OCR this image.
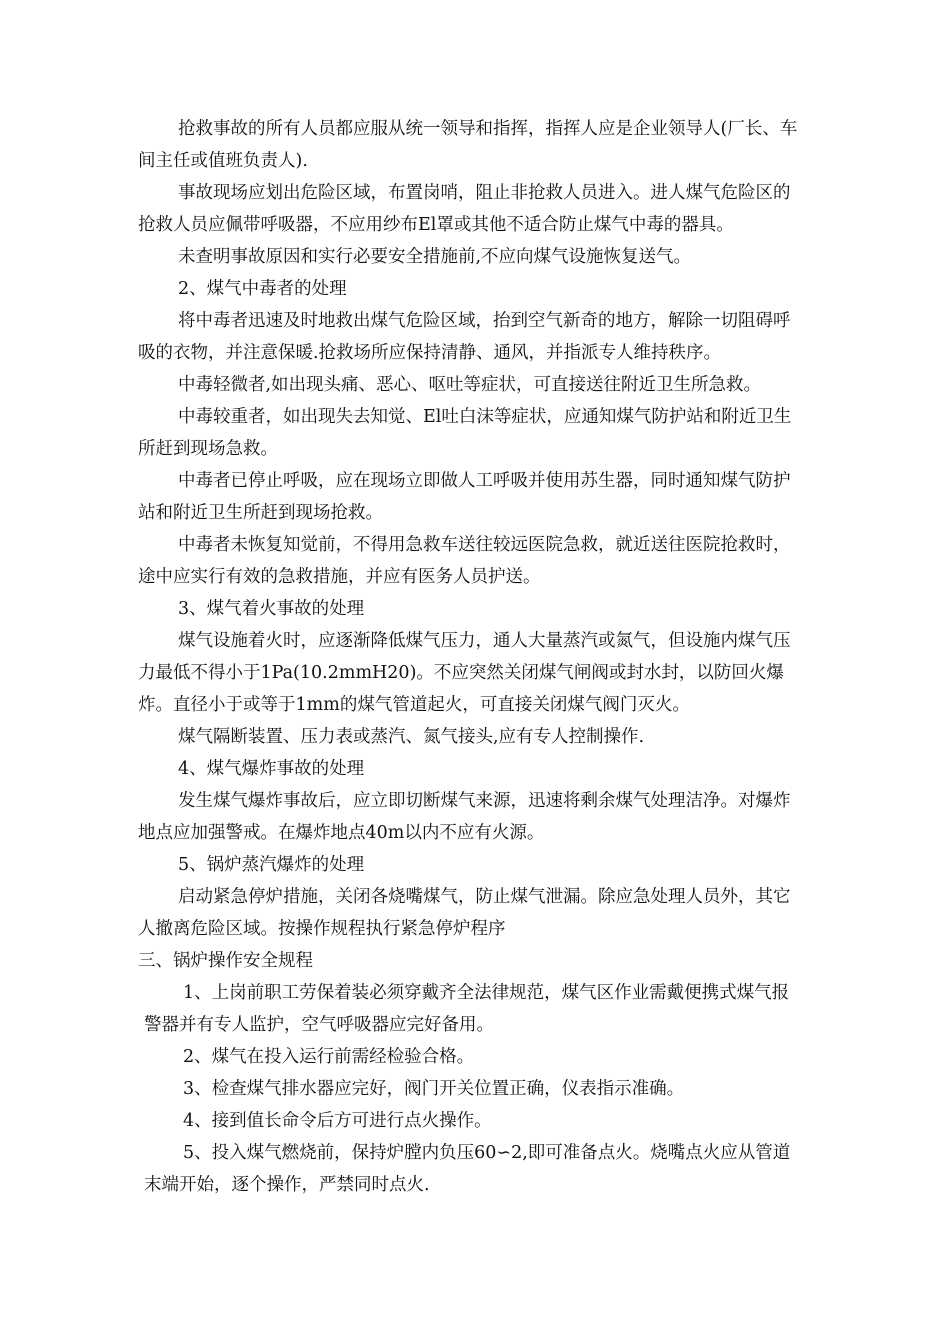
抢救事故的所有人员都应服从统一领导和指挥，指挥人应是企业领导人(厂长、车
间主任或值班负责人).
事故现场应划出危险区域，布置岗哨，阻止非抢救人员进入。进人煤气危险区的
抢救人员应佩带呼吸器，不应用纱布El罩或其他不适合防止煤气中毒的器具。
未查明事故原因和实行必要安全措施前,不应向煤气设施恢复送气。
2、煤气中毒者的处理
将中毒者迅速及时地救出煤气危险区域，抬到空气新奇的地方，解除一切阻碍呼
吸的衣物，并注意保暖.抢救场所应保持清静、通风，并指派专人维持秩序。
中毒轻微者,如出现头痛、恶心、呕吐等症状，可直接送往附近卫生所急救。
中毒较重者，如出现失去知觉、El吐白沫等症状，应通知煤气防护站和附近卫生
所赶到现场急救。
中毒者已停止呼吸，应在现场立即做人工呼吸并使用苏生器，同时通知煤气防护
站和附近卫生所赶到现场抢救。
中毒者未恢复知觉前，不得用急救车送往较远医院急救，就近送往医院抢救时，
途中应实行有效的急救措施，并应有医务人员护送。
3、煤气着火事故的处理
煤气设施着火时，应逐渐降低煤气压力，通人大量蒸汽或氮气，但设施内煤气压
力最低不得小于1Pa(10.2mmH20)。不应突然关闭煤气闸阀或封水封，以防回火爆
炸。直径小于或等于1mm的煤气管道起火，可直接关闭煤气阀门灭火。
煤气隔断装置、压力表或蒸汽、氮气接头,应有专人控制操作.
4、煤气爆炸事故的处理
发生煤气爆炸事故后，应立即切断煤气来源，迅速将剩余煤气处理洁净。对爆炸
地点应加强警戒。在爆炸地点40m以内不应有火源。
5、锅炉蒸汽爆炸的处理
启动紧急停炉措施，关闭各烧嘴煤气，防止煤气泄漏。除应急处理人员外，其它
人撤离危险区域。按操作规程执行紧急停炉程序
三、锅炉操作安全规程
1、上岗前职工劳保着装必须穿戴齐全法律规范，煤气区作业需戴便携式煤气报
警器并有专人监护，空气呼吸器应完好备用。
2、煤气在投入运行前需经检验合格。
3、检查煤气排水器应完好，阀门开关位置正确，仪表指示准确。
4、接到值长命令后方可进行点火操作。
5、投入煤气燃烧前，保持炉膛内负压60∽2,即可准备点火。烧嘴点火应从管道
末端开始，逐个操作，严禁同时点火.
